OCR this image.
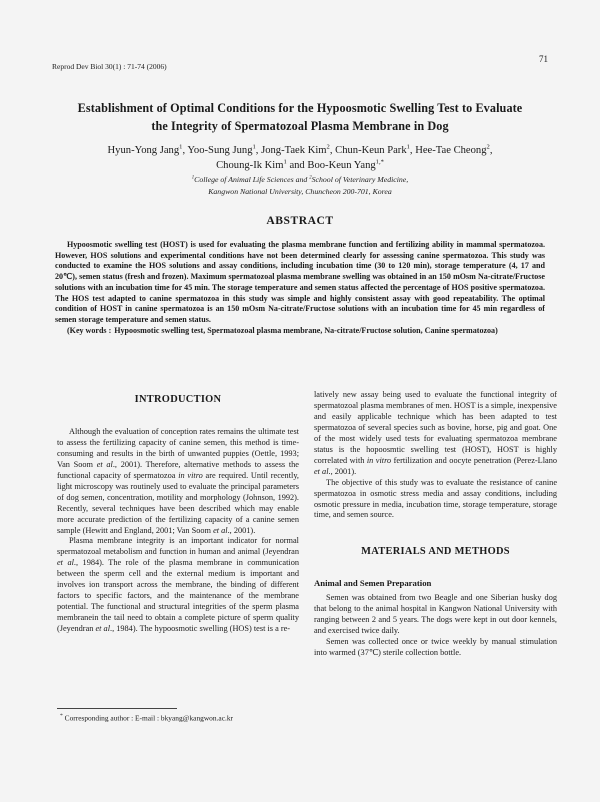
Reprod Dev Biol 30(1) : 71-74 (2006)
71
Establishment of Optimal Conditions for the Hypoosmotic Swelling Test to Evaluate
the Integrity of Spermatozoal Plasma Membrane in Dog
Hyun-Yong Jang$^1$, Yoo-Sung Jung$^1$, Jong-Taek Kim$^2$, Chun-Keun Park$^1$, Hee-Tae Cheong$^2$,
Choung-Ik Kim$^1$ and Boo-Keun Yang$^{1,*}$
$^1$College of Animal Life Sciences and $^2$School of Veterinary Medicine,
Kangwon National University, Chuncheon 200-701, Korea
ABSTRACT

Hypoosmotic swelling test (HOST) is used for evaluating the plasma membrane function and fertilizing ability in mammal spermatozoa. However, HOS solutions and experimental conditions have not been determined clearly for assessing canine spermatozoa. This study was conducted to examine the HOS solutions and assay conditions, including incubation time (30 to 120 min), storage temperature (4, 17 and 20℃), semen status (fresh and frozen). Maximum spermatozoal plasma membrane swelling was obtained in an 150 mOsm Na-citrate/Fructose solutions with an incubation time for 45 min. The storage temperature and semen status affected the percentage of HOS positive spermatozoa. The HOS test adapted to canine spermatozoa in this study was simple and highly consistent assay with good repeatability. The optimal condition of HOST in canine spermatozoa is an 150 mOsm Na-citrate/Fructose solutions with an incubation time for 45 min regardless of semen storage temperature and semen status.

(Key words : Hypoosmotic swelling test, Spermatozoal plasma membrane, Na-citrate/Fructose solution, Canine spermatozoa)
INTRODUCTION

Although the evaluation of conception rates remains the ultimate test to assess the fertilizing capacity of canine semen, this method is time-consuming and results in the birth of unwanted puppies (Oettle, 1993; Van Soom et al., 2001). Therefore, alternative methods to assess the functional capacity of spermatozoa in vitro are required. Until recently, light microscopy was routinely used to evaluate the principal parameters of dog semen, concentration, motility and morphology (Johnson, 1992). Recently, several techniques have been described which may enable more accurate prediction of the fertilizing capacity of a canine semen sample (Hewitt and England, 2001; Van Soom et al., 2001).

Plasma membrane integrity is an important indicator for normal spermatozoal metabolism and function in human and animal (Jeyendran et al., 1984). The role of the plasma membrane in communication between the sperm cell and the external medium is important and involves ion transport across the membrane, the binding of different factors to specific factors, and the maintenance of the membrane potential. The functional and structural integrities of the sperm plasma membranein the tail need to obtain a complete picture of sperm quality (Jeyendran et al., 1984). The hypoosmotic swelling (HOS) test is a re-

latively new assay being used to evaluate the functional integrity of spermatozoal plasma membranes of men. HOST is a simple, inexpensive and easily applicable technique which has been adapted to test spermatozoa of several species such as bovine, horse, pig and goat. One of the most widely used tests for evaluating spermatozoa membrane status is the hopoosmtic swelling test (HOST), HOST is highly correlated with in vitro fertilization and oocyte penetration (Perez-Llano et al., 2001).

The objective of this study was to evaluate the resistance of canine spermatozoa in osmotic stress media and assay conditions, including osmotic pressure in media, incubation time, storage temperature, storage time, and semen source.

MATERIALS AND METHODS
Animal and Semen Preparation

Semen was obtained from two Beagle and one Siberian husky dog that belong to the animal hospital in Kangwon National University with ranging between 2 and 5 years. The dogs were kept in out door kennels, and exercised twice daily.

Semen was collected once or twice weekly by manual stimulation into warmed (37℃) sterile collection bottle.

* Corresponding author : E-mail : bkyang@kangwon.ac.kr
